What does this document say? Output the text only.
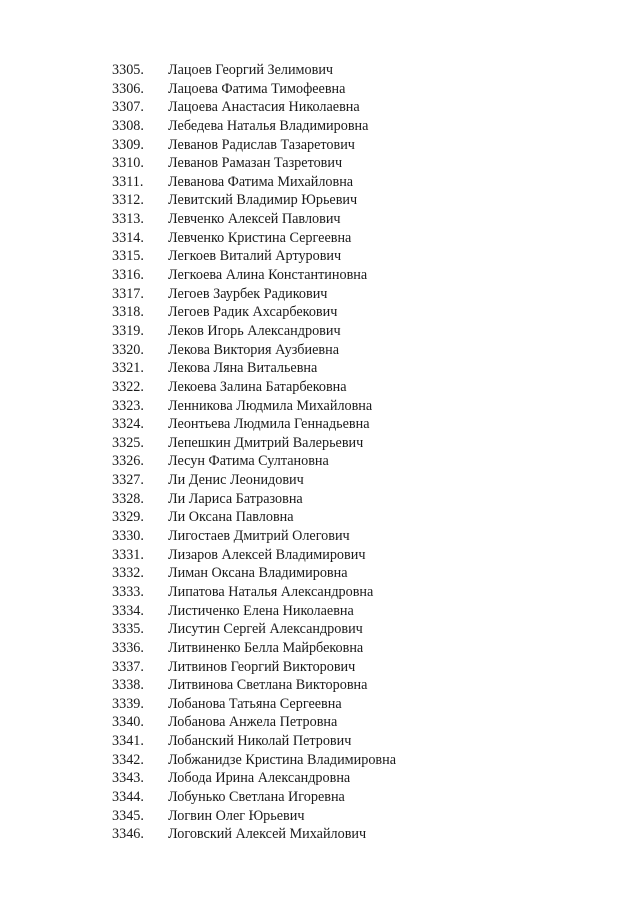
3305.	Лацоев Георгий Зелимович
3306.	Лацоева Фатима Тимофеевна
3307.	Лацоева Анастасия Николаевна
3308.	Лебедева Наталья Владимировна
3309.	Леванов Радислав Тазаретович
3310.	Леванов Рамазан Тазретович
3311.	Леванова Фатима Михайловна
3312.	Левитский Владимир Юрьевич
3313.	Левченко Алексей Павлович
3314.	Левченко Кристина Сергеевна
3315.	Легкоев Виталий Артурович
3316.	Легкоева Алина Константиновна
3317.	Легоев Заурбек Радикович
3318.	Легоев Радик Ахсарбекович
3319.	Леков Игорь Александрович
3320.	Лекова Виктория Аузбиевна
3321.	Лекова Ляна Витальевна
3322.	Лекоева Залина Батарбековна
3323.	Ленникова Людмила Михайловна
3324.	Леонтьева Людмила Геннадьевна
3325.	Лепешкин Дмитрий Валерьевич
3326.	Лесун Фатима Султановна
3327.	Ли Денис Леонидович
3328.	Ли Лариса Батразовна
3329.	Ли Оксана Павловна
3330.	Лигостаев Дмитрий Олегович
3331.	Лизаров Алексей Владимирович
3332.	Лиман Оксана Владимировна
3333.	Липатова Наталья Александровна
3334.	Листиченко Елена Николаевна
3335.	Лисутин Сергей Александрович
3336.	Литвиненко Белла Майрбековна
3337.	Литвинов Георгий Викторович
3338.	Литвинова Светлана Викторовна
3339.	Лобанова Татьяна Сергеевна
3340.	Лобанова Анжела Петровна
3341.	Лобанский Николай Петрович
3342.	Лобжанидзе Кристина Владимировна
3343.	Лобода Ирина Александровна
3344.	Лобунько Светлана Игоревна
3345.	Логвин Олег Юрьевич
3346.	Логовский Алексей Михайлович
